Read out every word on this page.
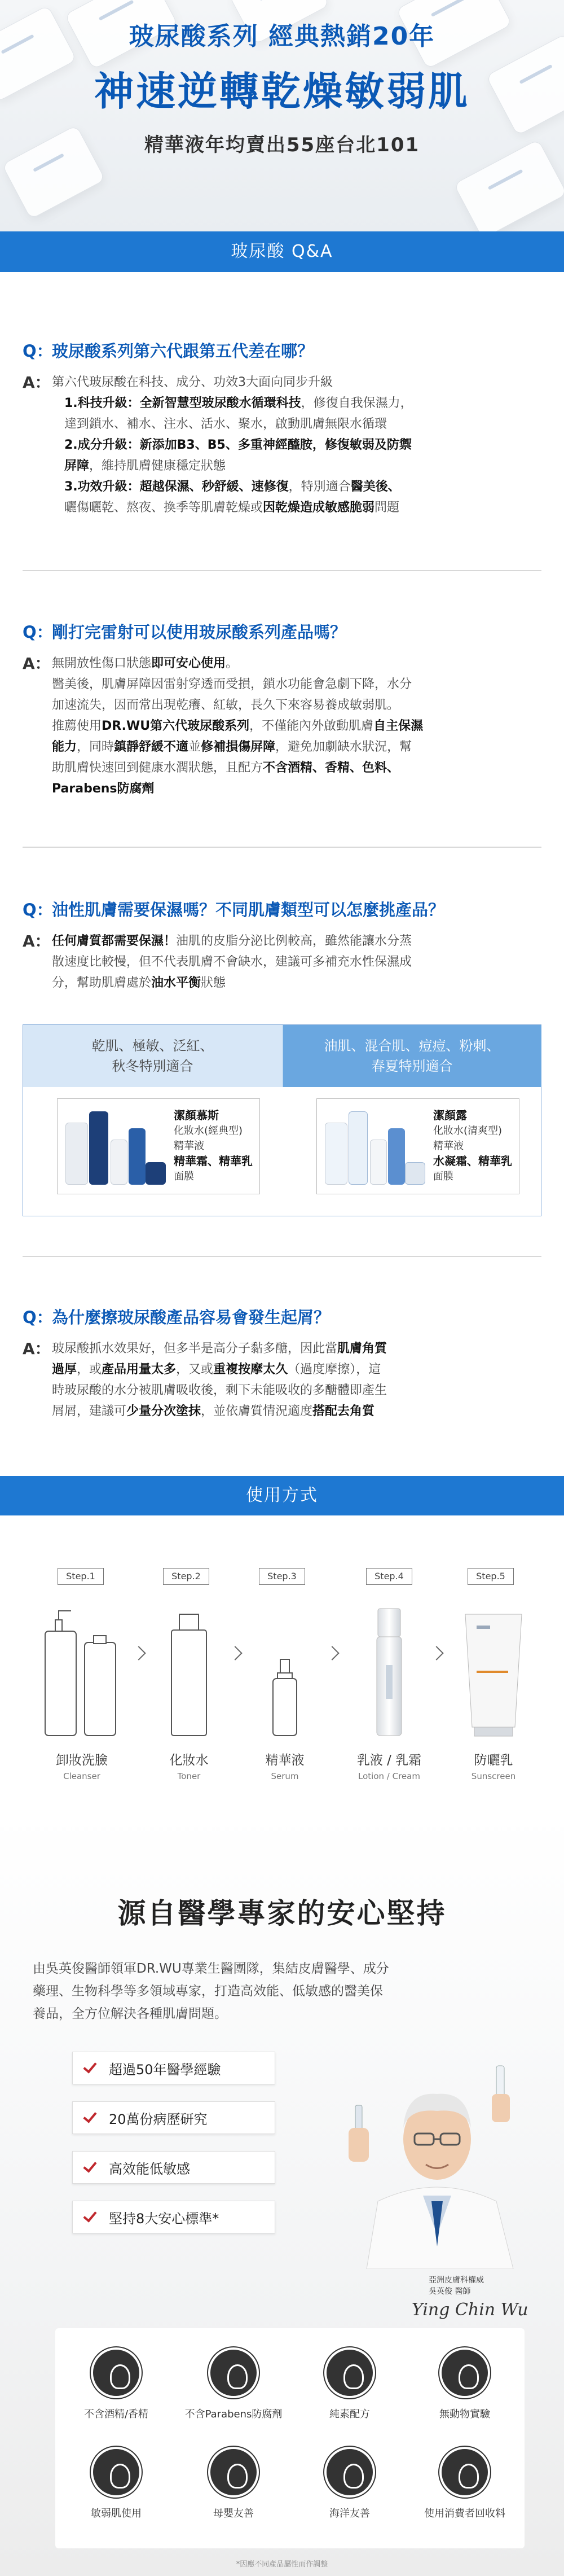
玻尿酸系列 經典熱銷20年
神速逆轉乾燥敏弱肌
精華液年均賣出55座台北101
玻尿酸 Q&A
Q：
玻尿酸系列第六代跟第五代差在哪？
A： 第六代玻尿酸在科技、成分、功效3大面向同步升級
1.科技升級：全新智慧型玻尿酸水循環科技，修復自我保濕力，
達到鎖水、補水、注水、活水、聚水，啟動肌膚無限水循環
2.成分升級：新添加B3、B5、多重神經醯胺，修復敏弱及防禦
屏障，維持肌膚健康穩定狀態
3.功效升級：超越保濕、秒舒緩、速修復，特別適合醫美後、
曬傷曬乾、熬夜、換季等肌膚乾燥或因乾燥造成敏感脆弱問題
Q：
剛打完雷射可以使用玻尿酸系列產品嗎？
A： 無開放性傷口狀態即可安心使用。
醫美後，肌膚屏障因雷射穿透而受損，鎖水功能會急劇下降，水分
加速流失，因而常出現乾癢、紅敏，長久下來容易養成敏弱肌。
推薦使用DR.WU第六代玻尿酸系列，不僅能內外啟動肌膚自主保濕
能力，同時鎮靜舒緩不適並修補損傷屏障，避免加劇缺水狀況，幫
助肌膚快速回到健康水潤狀態，且配方不含酒精、香精、色料、
Parabens防腐劑
Q：
油性肌膚需要保濕嗎？不同肌膚類型可以怎麼挑產品？
A： 任何膚質都需要保濕！油肌的皮脂分泌比例較高，雖然能讓水分蒸
散速度比較慢，但不代表肌膚不會缺水，建議可多補充水性保濕成
分，幫助肌膚處於油水平衡狀態
乾肌、極敏、泛紅、
秋冬特別適合
油肌、混合肌、痘痘、粉刺、
春夏特別適合
潔顏慕斯
化妝水(經典型)
精華液
精華霜、精華乳
面膜
潔顏露
化妝水(清爽型)
精華液
水凝霜、精華乳
面膜
Q：
為什麼擦玻尿酸產品容易會發生起屑？
A： 玻尿酸抓水效果好，但多半是高分子黏多醣，因此當肌膚角質
過厚，或產品用量太多，又或重複按摩太久（過度摩擦），這
時玻尿酸的水分被肌膚吸收後，剩下未能吸收的多醣體即產生
屑屑，建議可少量分次塗抹，並依膚質情況適度搭配去角質
使用方式
Step.1	Step.2	Step.3	Step.4	Step.5
卸妝洗臉
Cleanser
化妝水
Toner
精華液
Serum
乳液 / 乳霜
Lotion / Cream
防曬乳
Sunscreen
源自醫學專家的安心堅持
由吳英俊醫師領軍DR.WU專業生醫團隊，集結皮膚醫學、成分
藥理、生物科學等多領域專家，打造高效能、低敏感的醫美保
養品，全方位解決各種肌膚問題。
超過50年醫學經驗
20萬份病歷研究
高效能低敏感
堅持8大安心標準*
亞洲皮膚科權威
吳英俊 醫師
Ying Chin Wu
不含酒精/香精	不含Parabens防腐劑	純素配方	無動物實驗
敏弱肌使用	母嬰友善	海洋友善	使用消費者回收料
*因應不同產品屬性而作調整
